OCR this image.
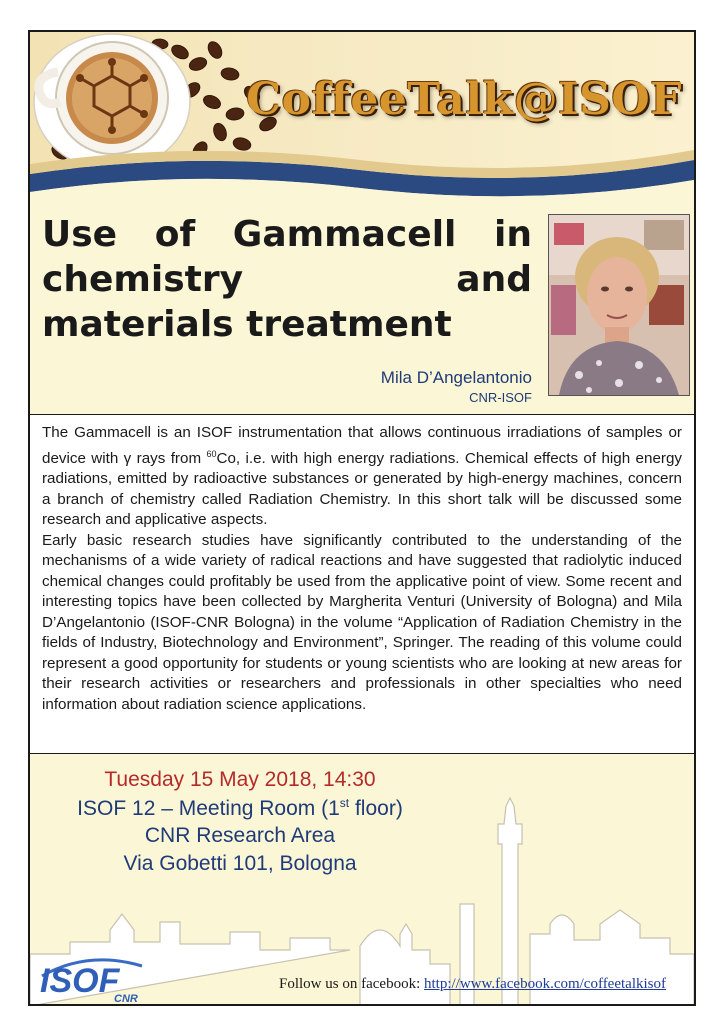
CoffeeTalk@ISOF
Use of Gammacell in chemistry and materials treatment
Mila D’Angelantonio
CNR-ISOF

The Gammacell is an ISOF instrumentation that allows continuous irradiations of samples or device with γ rays from $^{60}$Co, i.e. with high energy radiations. Chemical effects of high energy radiations, emitted by radioactive substances or generated by high-energy machines, concern a branch of chemistry called Radiation Chemistry. In this short talk will be discussed some research and applicative aspects.

Early basic research studies have significantly contributed to the understanding of the mechanisms of a wide variety of radical reactions and have suggested that radiolytic induced chemical changes could profitably be used from the applicative point of view. Some recent and interesting topics have been collected by Margherita Venturi (University of Bologna) and Mila D’Angelantonio (ISOF-CNR Bologna) in the volume “Application of Radiation Chemistry in the fields of Industry, Biotechnology and Environment”, Springer. The reading of this volume could represent a good opportunity for students or young scientists who are looking at new areas for their research activities or researchers and professionals in other specialties who need information about radiation science applications.

Tuesday 15 May 2018, 14:30
ISOF 12 – Meeting Room (1st floor)
CNR Research Area
Via Gobetti 101, Bologna
ISOF
CNR
Follow us on facebook: http://www.facebook.com/coffeetalkisof
